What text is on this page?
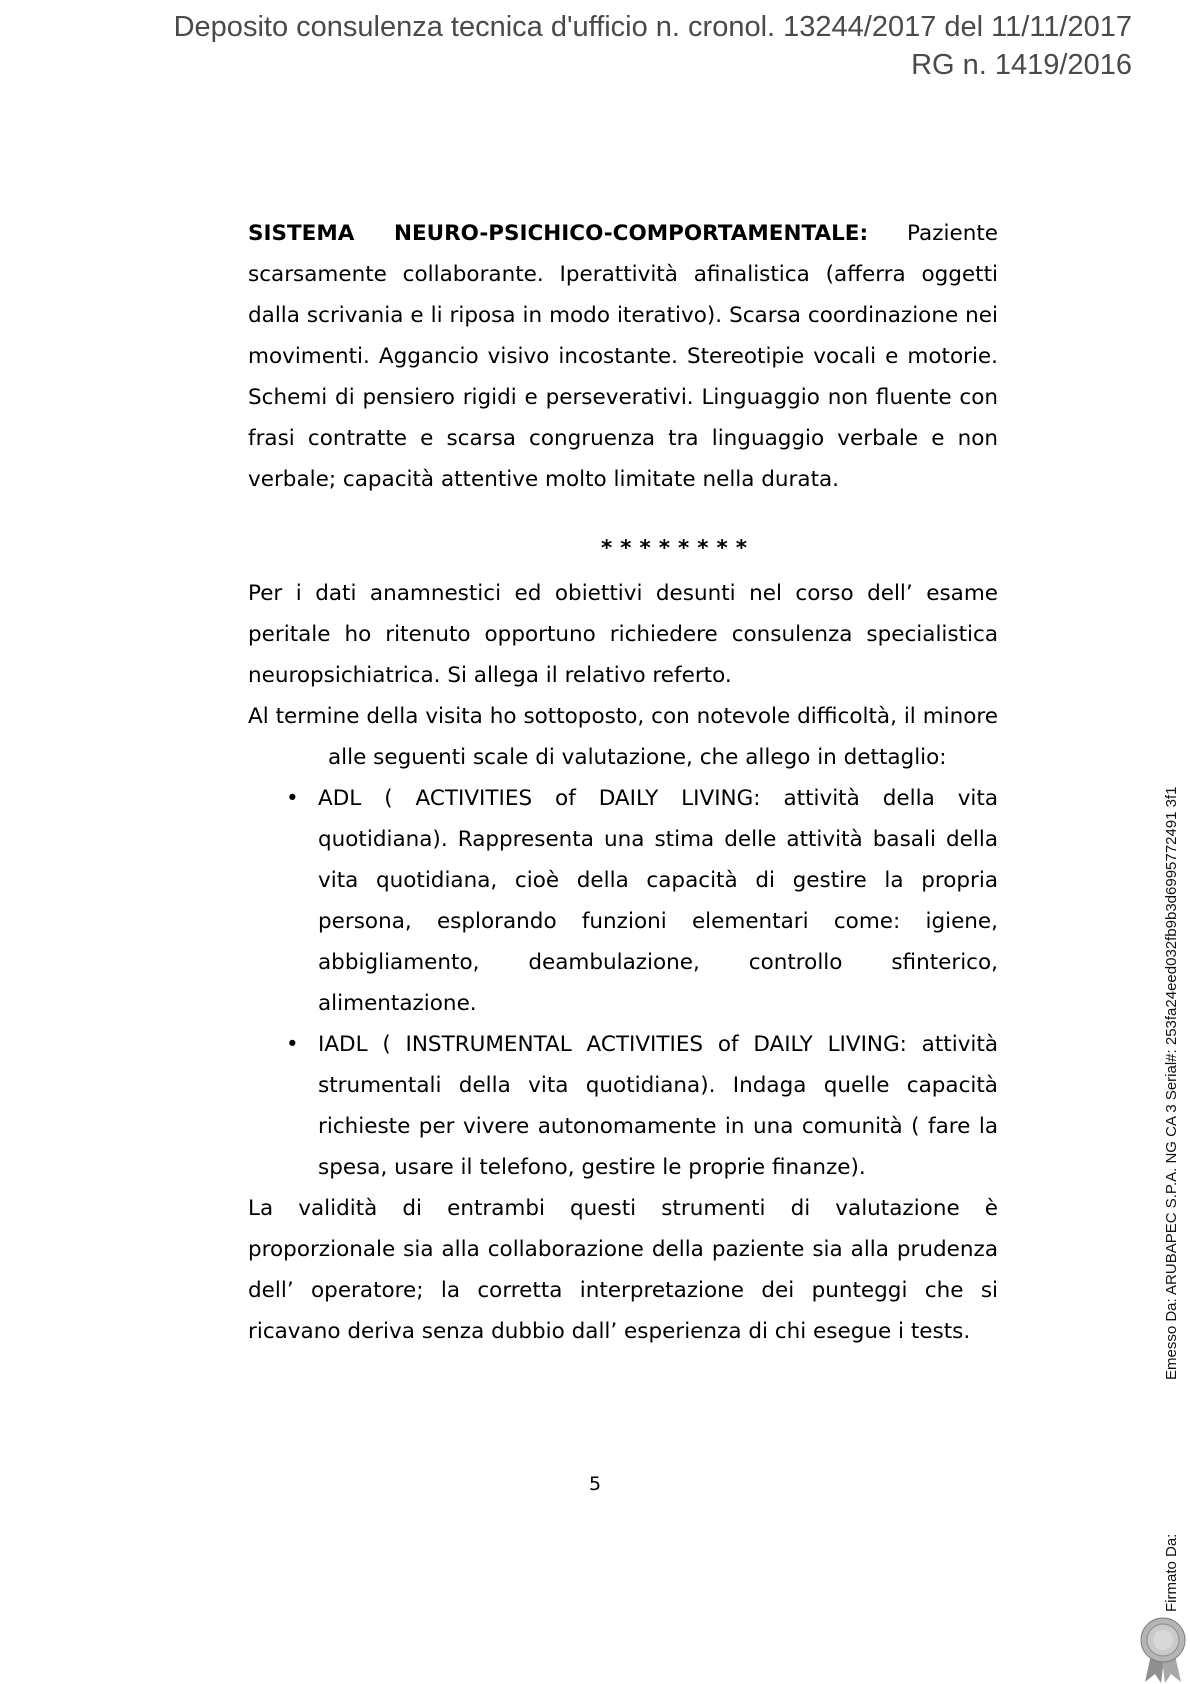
Deposito consulenza tecnica d'ufficio n. cronol. 13244/2017 del 11/11/2017
RG n. 1419/2016

SISTEMA NEURO-PSICHICO-COMPORTAMENTALE: Paziente scarsamente collaborante. Iperattività afinalistica (afferra oggetti dalla scrivania e li riposa in modo iterativo). Scarsa coordinazione nei movimenti. Aggancio visivo incostante. Stereotipie vocali e motorie. Schemi di pensiero rigidi e perseverativi. Linguaggio non fluente con frasi contratte e scarsa congruenza tra linguaggio verbale e non verbale; capacità attentive molto limitate nella durata.

********

Per i dati anamnestici ed obiettivi desunti nel corso dell’ esame peritale ho ritenuto opportuno richiedere consulenza specialistica neuropsichiatrica. Si allega il relativo referto.

Al termine della visita ho sottoposto, con notevole difficoltà, il minorealle seguenti scale di valutazione, che allego in dettaglio:

• ADL ( ACTIVITIES of DAILY LIVING: attività della vita quotidiana). Rappresenta una stima delle attività basali della vita quotidiana, cioè della capacità di gestire la propria persona, esplorando funzioni elementari come: igiene, abbigliamento, deambulazione, controllo sfinterico, alimentazione.
• IADL ( INSTRUMENTAL ACTIVITIES of DAILY LIVING: attività strumentali della vita quotidiana). Indaga quelle capacità richieste per vivere autonomamente in una comunità ( fare la spesa, usare il telefono, gestire le proprie finanze).

La validità di entrambi questi strumenti di valutazione è proporzionale sia alla collaborazione della paziente sia alla prudenza dell’ operatore; la corretta interpretazione dei punteggi che si ricavano deriva senza dubbio dall’ esperienza di chi esegue i tests.

5
Emesso Da: ARUBAPEC S.P.A. NG CA 3 Serial#: 253fa24eed032fb9b3d6995772491 3f1
Firmato Da:
